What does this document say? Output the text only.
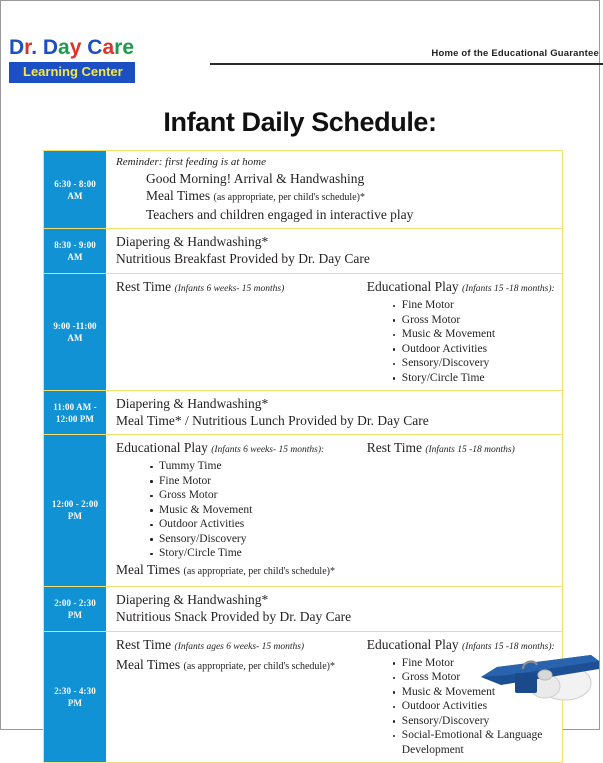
Dr. Day Care
Learning Center
Home of the Educational Guarantee
Infant Daily Schedule:
6:30 - 8:00
AM
Reminder: first feeding is at home
Good Morning! Arrival & Handwashing
Meal Times (as appropriate, per child's schedule)*
Teachers and children engaged in interactive play
8:30 - 9:00
AM
Diapering & Handwashing*
Nutritious Breakfast Provided by Dr. Day Care
9:00 -11:00
AM
Rest Time (Infants 6 weeks- 15 months)	Educational Play (Infants 15 -18 months):
Fine Motor
Gross Motor
Music & Movement
Outdoor Activities
Sensory/Discovery
Story/Circle Time
11:00 AM -
12:00 PM
Diapering & Handwashing*
Meal Time* / Nutritious Lunch Provided by Dr. Day Care
12:00 - 2:00
PM
Educational Play (Infants 6 weeks- 15 months):
Tummy Time
Fine Motor
Gross Motor
Music & Movement
Outdoor Activities
Sensory/Discovery
Story/Circle Time
Meal Times (as appropriate, per child's schedule)*
Rest Time (Infants 15 -18 months)
2:00 - 2:30
PM
Diapering & Handwashing*
Nutritious Snack Provided by Dr. Day Care
2:30 - 4:30
PM
Rest Time (Infants ages 6 weeks- 15 months)
Meal Times (as appropriate, per child's schedule)*
Educational Play (Infants 15 -18 months):
Fine Motor
Gross Motor
Music & Movement
Outdoor Activities
Sensory/Discovery
Social-Emotional & Language Development
